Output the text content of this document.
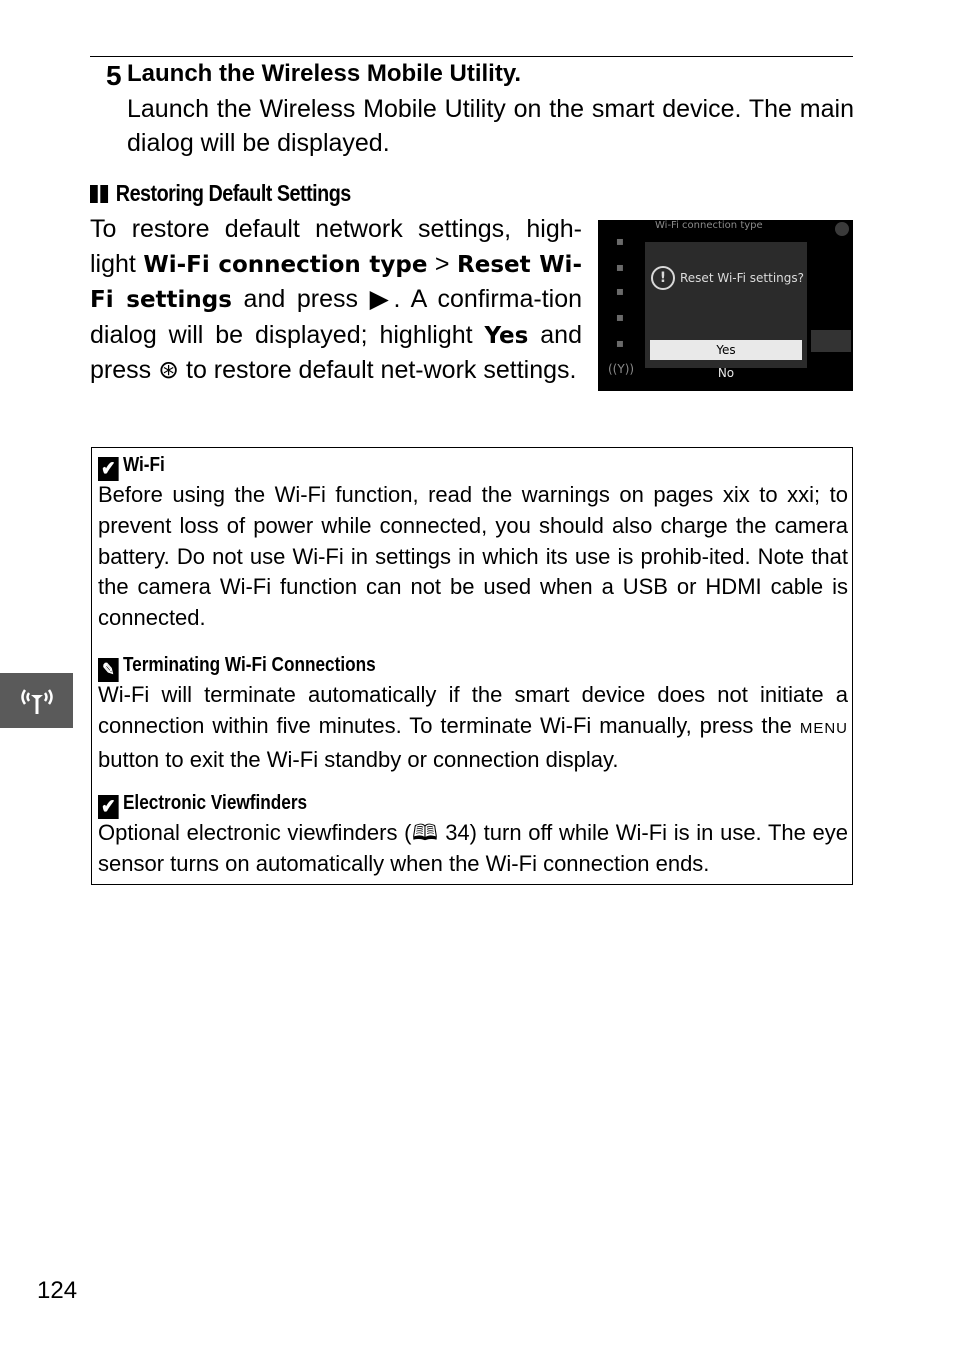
5 Launch the Wireless Mobile Utility.
Launch the Wireless Mobile Utility on the smart device. The main dialog will be displayed.
Restoring Default Settings
To restore default network settings, high-light Wi-Fi connection type > Reset Wi-Fi settings and press ▶. A confirma-tion dialog will be displayed; highlight Yes and press ⊛ to restore default net-work settings.
Wi-Fi connection type
▪
▪
▪
▪
▪
((Y))
!	Reset Wi-Fi settings?
Yes
No
✔ Wi-Fi
Before using the Wi-Fi function, read the warnings on pages xix to xxi; to prevent loss of power while connected, you should also charge the camera battery. Do not use Wi-Fi in settings in which its use is prohib-ited. Note that the camera Wi-Fi function can not be used when a USB or HDMI cable is connected.
✎ Terminating Wi-Fi Connections
Wi-Fi will terminate automatically if the smart device does not initiate a connection within five minutes. To terminate Wi-Fi manually, press the MENU button to exit the Wi-Fi standby or connection display.
✔ Electronic Viewfinders
Optional electronic viewfinders (🕮 34) turn off while Wi-Fi is in use. The eye sensor turns on automatically when the Wi-Fi connection ends.
124
